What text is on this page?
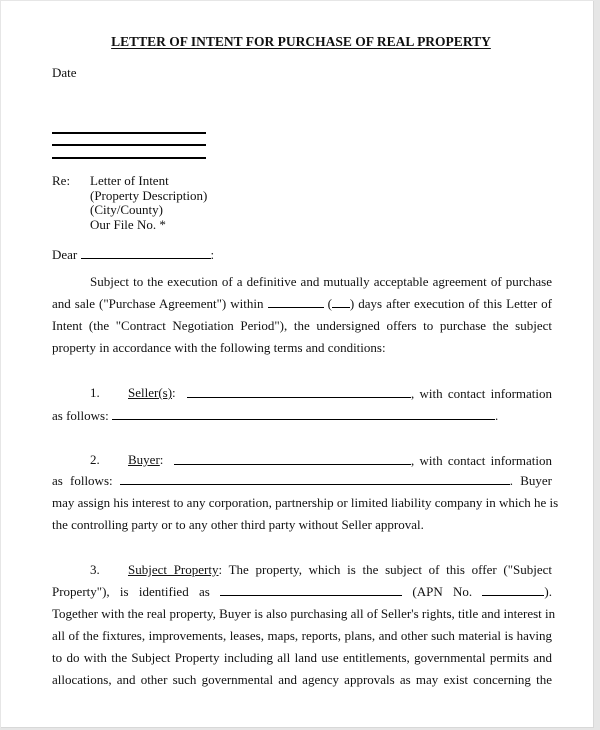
LETTER OF INTENT FOR PURCHASE OF REAL PROPERTY
Date
Re: Letter of Intent
(Property Description)
(City/County)
Our File No. *
Dear	:
Subject to the execution of a definitive and mutually acceptable agreement of purchase
and sale ("Purchase Agreement") within	( ) days after execution of this Letter of
Intent (the "Contract Negotiation Period"), the undersigned offers to purchase the subject
property in accordance with the following terms and conditions:
1. Seller(s):	, with contact information
as follows:	.
2. Buyer:	, with contact information
as follows:	. Buyer
may assign his interest to any corporation, partnership or limited liability company in which he is
the controlling party or to any other third party without Seller approval.
3. Subject Property: The property, which is the subject of this offer ("Subject
Property"), is identified as	(APN No.	).
Together with the real property, Buyer is also purchasing all of Seller's rights, title and interest in
all of the fixtures, improvements, leases, maps, reports, plans, and other such material is having
to do with the Subject Property including all land use entitlements, governmental permits and
allocations, and other such governmental and agency approvals as may exist concerning the
